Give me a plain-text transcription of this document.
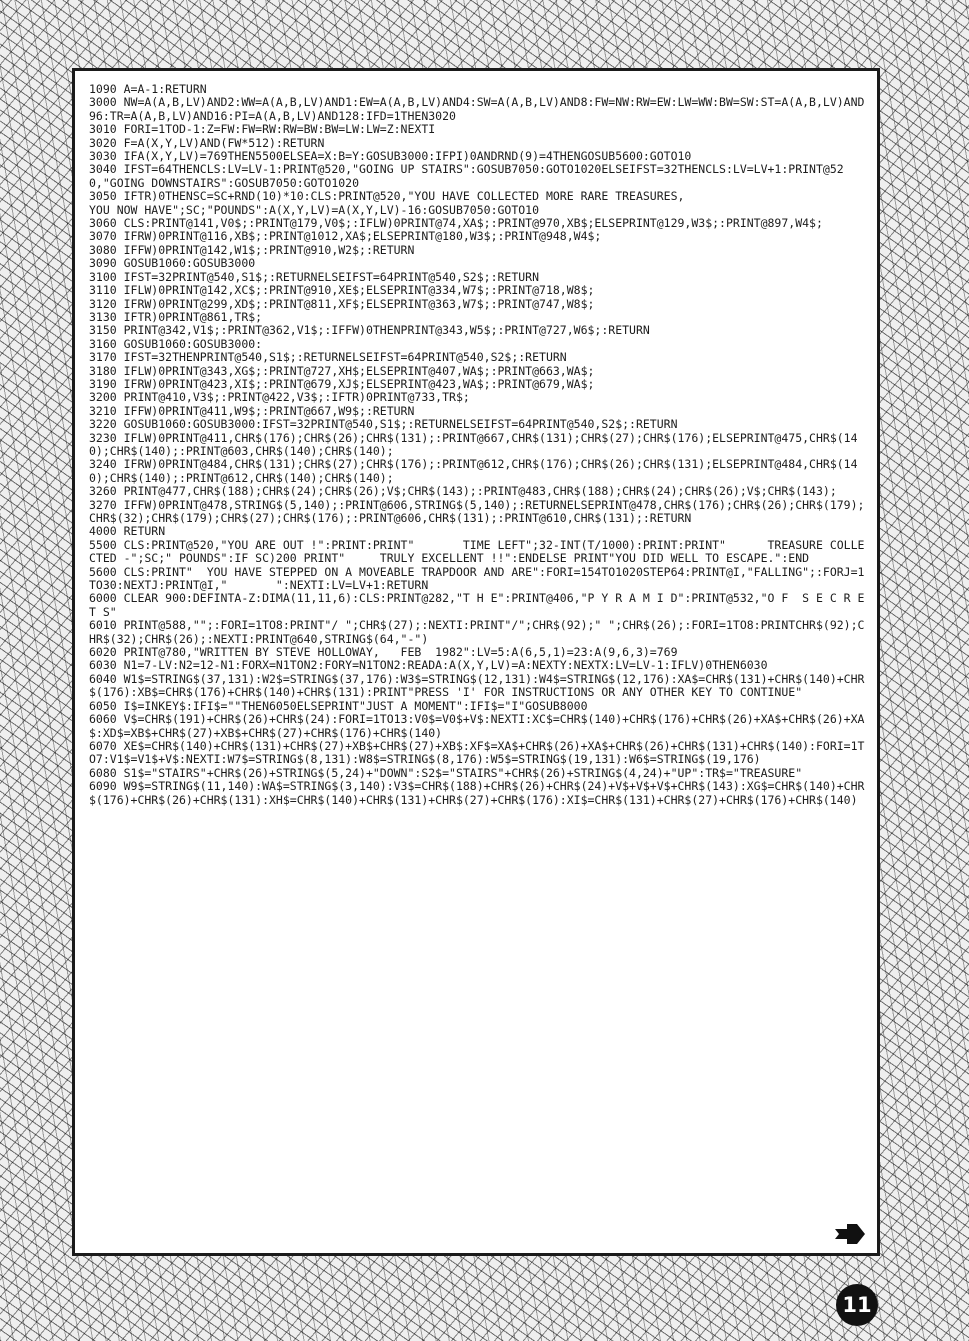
1090 A=A-1:RETURN
3000 NW=A(A,B,LV)AND2:WW=A(A,B,LV)AND1:EW=A(A,B,LV)AND4:SW=A(A,B,LV)AND8:FW=NW:RW=EW:LW=WW:BW=SW:ST=A(A,B,LV)AND96:TR=A(A,B,LV)AND16:PI=A(A,B,LV)AND128:IFD=1THEN3020
3010 FORI=1TOD-1:Z=FW:FW=RW:RW=BW:BW=LW:LW=Z:NEXTI
3020 F=A(X,Y,LV)AND(FW*512):RETURN
3030 IFA(X,Y,LV)=769THEN5500ELSEA=X:B=Y:GOSUB3000:IFPI)0ANDRND(9)=4THENGOSUB5600:GOTO10
3040 IFST=64THENCLS:LV=LV-1:PRINT@520,"GOING UP STAIRS":GOSUB7050:GOTO1020ELSEIFST=32THENCLS:LV=LV+1:PRINT@520,"GOING DOWNSTAIRS":GOSUB7050:GOTO1020
3050 IFTR)0THENSC=SC+RND(10)*10:CLS:PRINT@520,"YOU HAVE COLLECTED MORE RARE TREASURES,
YOU NOW HAVE";SC;"POUNDS":A(X,Y,LV)=A(X,Y,LV)-16:GOSUB7050:GOTO10
3060 CLS:PRINT@141,V0$;:PRINT@179,V0$;:IFLW)0PRINT@74,XA$;:PRINT@970,XB$;ELSEPRINT@129,W3$;:PRINT@897,W4$;
3070 IFRW)0PRINT@116,XB$;:PRINT@1012,XA$;ELSEPRINT@180,W3$;:PRINT@948,W4$;
3080 IFFW)0PRINT@142,W1$;:PRINT@910,W2$;:RETURN
3090 GOSUB1060:GOSUB3000
3100 IFST=32PRINT@540,S1$;:RETURNELSEIFST=64PRINT@540,S2$;:RETURN
3110 IFLW)0PRINT@142,XC$;:PRINT@910,XE$;ELSEPRINT@334,W7$;:PRINT@718,W8$;
3120 IFRW)0PRINT@299,XD$;:PRINT@811,XF$;ELSEPRINT@363,W7$;:PRINT@747,W8$;
3130 IFTR)0PRINT@861,TR$;
3150 PRINT@342,V1$;:PRINT@362,V1$;:IFFW)0THENPRINT@343,W5$;:PRINT@727,W6$;:RETURN
3160 GOSUB1060:GOSUB3000:
3170 IFST=32THENPRINT@540,S1$;:RETURNELSEIFST=64PRINT@540,S2$;:RETURN
3180 IFLW)0PRINT@343,XG$;:PRINT@727,XH$;ELSEPRINT@407,WA$;:PRINT@663,WA$;
3190 IFRW)0PRINT@423,XI$;:PRINT@679,XJ$;ELSEPRINT@423,WA$;:PRINT@679,WA$;
3200 PRINT@410,V3$;:PRINT@422,V3$;:IFTR)0PRINT@733,TR$;
3210 IFFW)0PRINT@411,W9$;:PRINT@667,W9$;:RETURN
3220 GOSUB1060:GOSUB3000:IFST=32PRINT@540,S1$;:RETURNELSEIFST=64PRINT@540,S2$;:RETURN
3230 IFLW)0PRINT@411,CHR$(176);CHR$(26);CHR$(131);:PRINT@667,CHR$(131);CHR$(27);CHR$(176);ELSEPRINT@475,CHR$(140);CHR$(140);:PRINT@603,CHR$(140);CHR$(140);
3240 IFRW)0PRINT@484,CHR$(131);CHR$(27);CHR$(176);:PRINT@612,CHR$(176);CHR$(26);CHR$(131);ELSEPRINT@484,CHR$(140);CHR$(140);:PRINT@612,CHR$(140);CHR$(140);
3260 PRINT@477,CHR$(188);CHR$(24);CHR$(26);V$;CHR$(143);:PRINT@483,CHR$(188);CHR$(24);CHR$(26);V$;CHR$(143);
3270 IFFW)0PRINT@478,STRING$(5,140);:PRINT@606,STRING$(5,140);:RETURNELSEPRINT@478,CHR$(176);CHR$(26);CHR$(179);CHR$(32);CHR$(179);CHR$(27);CHR$(176);:PRINT@606,CHR$(131);:PRINT@610,CHR$(131);:RETURN
4000 RETURN
5500 CLS:PRINT@520,"YOU ARE OUT !":PRINT:PRINT"       TIME LEFT";32-INT(T/1000):PRINT:PRINT"      TREASURE COLLECTED -";SC;" POUNDS":IF SC)200 PRINT"     TRULY EXCELLENT !!":ENDELSE PRINT"YOU DID WELL TO ESCAPE.":END
5600 CLS:PRINT"  YOU HAVE STEPPED ON A MOVEABLE TRAPDOOR AND ARE":FORI=154TO1020STEP64:PRINT@I,"FALLING";:FORJ=1TO30:NEXTJ:PRINT@I,"       ":NEXTI:LV=LV+1:RETURN
6000 CLEAR 900:DEFINTA-Z:DIMA(11,11,6):CLS:PRINT@282,"T H E":PRINT@406,"P Y R A M I D":PRINT@532,"O F  S E C R E T S"
6010 PRINT@588,"";:FORI=1TO8:PRINT"/ ";CHR$(27);:NEXTI:PRINT"/";CHR$(92);" ";CHR$(26);:FORI=1TO8:PRINTCHR$(92);CHR$(32);CHR$(26);:NEXTI:PRINT@640,STRING$(64,"-")
6020 PRINT@780,"WRITTEN BY STEVE HOLLOWAY,   FEB  1982":LV=5:A(6,5,1)=23:A(9,6,3)=769
6030 N1=7-LV:N2=12-N1:FORX=N1TON2:FORY=N1TON2:READA:A(X,Y,LV)=A:NEXTY:NEXTX:LV=LV-1:IFLV)0THEN6030
6040 W1$=STRING$(37,131):W2$=STRING$(37,176):W3$=STRING$(12,131):W4$=STRING$(12,176):XA$=CHR$(131)+CHR$(140)+CHR$(176):XB$=CHR$(176)+CHR$(140)+CHR$(131):PRINT"PRESS 'I' FOR INSTRUCTIONS OR ANY OTHER KEY TO CONTINUE"
6050 I$=INKEY$:IFI$=""THEN6050ELSEPRINT"JUST A MOMENT":IFI$="I"GOSUB8000
6060 V$=CHR$(191)+CHR$(26)+CHR$(24):FORI=1TO13:V0$=V0$+V$:NEXTI:XC$=CHR$(140)+CHR$(176)+CHR$(26)+XA$+CHR$(26)+XA$:XD$=XB$+CHR$(27)+XB$+CHR$(27)+CHR$(176)+CHR$(140)
6070 XE$=CHR$(140)+CHR$(131)+CHR$(27)+XB$+CHR$(27)+XB$:XF$=XA$+CHR$(26)+XA$+CHR$(26)+CHR$(131)+CHR$(140):FORI=1TO7:V1$=V1$+V$:NEXTI:W7$=STRING$(8,131):W8$=STRING$(8,176):W5$=STRING$(19,131):W6$=STRING$(19,176)
6080 S1$="STAIRS"+CHR$(26)+STRING$(5,24)+"DOWN":S2$="STAIRS"+CHR$(26)+STRING$(4,24)+"UP":TR$="TREASURE"
6090 W9$=STRING$(11,140):WA$=STRING$(3,140):V3$=CHR$(188)+CHR$(26)+CHR$(24)+V$+V$+V$+CHR$(143):XG$=CHR$(140)+CHR$(176)+CHR$(26)+CHR$(131):XH$=CHR$(140)+CHR$(131)+CHR$(27)+CHR$(176):XI$=CHR$(131)+CHR$(27)+CHR$(176)+CHR$(140)
11
